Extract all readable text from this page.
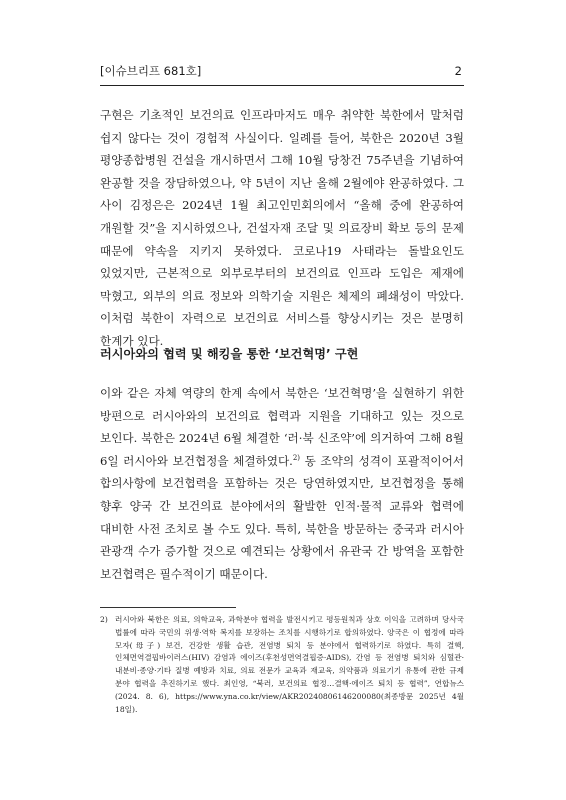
[이슈브리프 681호]	2

구현은 기초적인 보건의료 인프라마저도 매우 취약한 북한에서 말처럼 쉽지 않다는 것이 경험적 사실이다. 일례를 들어, 북한은 2020년 3월 평양종합병원 건설을 개시하면서 그해 10월 당창건 75주년을 기념하여 완공할 것을 장담하였으나, 약 5년이 지난 올해 2월에야 완공하였다. 그 사이 김정은은 2024년 1월 최고인민회의에서 “올해 중에 완공하여 개원할 것”을 지시하였으나, 건설자재 조달 및 의료장비 확보 등의 문제 때문에 약속을 지키지 못하였다. 코로나19 사태라는 돌발요인도 있었지만, 근본적으로 외부로부터의 보건의료 인프라 도입은 제재에 막혔고, 외부의 의료 정보와 의학기술 지원은 체제의 폐쇄성이 막았다. 이처럼 북한이 자력으로 보건의료 서비스를 향상시키는 것은 분명히 한계가 있다.

러시아와의 협력 및 해킹을 통한 ‘보건혁명’ 구현

이와 같은 자체 역량의 한계 속에서 북한은 ‘보건혁명’을 실현하기 위한 방편으로 러시아와의 보건의료 협력과 지원을 기대하고 있는 것으로 보인다. 북한은 2024년 6월 체결한 ‘러·북 신조약’에 의거하여 그해 8월 6일 러시아와 보건협정을 체결하였다.$^{2)}$ 동 조약의 성격이 포괄적이어서 합의사항에 보건협력을 포함하는 것은 당연하였지만, 보건협정을 통해 향후 양국 간 보건의료 분야에서의 활발한 인적·물적 교류와 협력에 대비한 사전 조치로 볼 수도 있다. 특히, 북한을 방문하는 중국과 러시아 관광객 수가 증가할 것으로 예견되는 상황에서 유관국 간 방역을 포함한 보건협력은 필수적이기 때문이다.

2) 러시아와 북한은 의료, 의학교육, 과학분야 협력을 발전시키고 평등원칙과 상호 이익을 고려하며 당사국 법률에 따라 국민의 위생·역학 복지를 보장하는 조치를 시행하기로 합의하였다. 양국은 이 협정에 따라 모자(母子) 보건, 건강한 생활 습관, 전염병 퇴치 등 분야에서 협력하기로 하였다. 특히 결핵, 인체면역결핍바이러스(HIV) 감염과 에이즈(후천성면역결핍증·AIDS), 간염 등 전염병 퇴치와 심혈관·내분비·종양·기타 질병 예방과 치료, 의료 전문가 교육과 재교육, 의약품과 의료기기 유통에 관한 규제 분야 협력을 추진하기로 했다. 최인영, “북러, 보건의료 협정…결핵·에이즈 퇴치 등 협력”, 연합뉴스(2024. 8. 6), https://www.yna.co.kr/view/AKR20240806146200080(최종방문 2025년 4월 18일).
